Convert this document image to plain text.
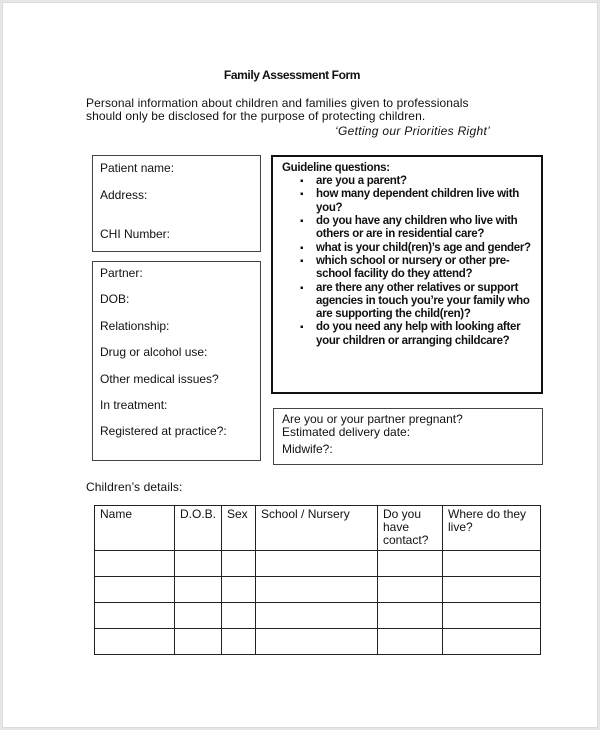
Family Assessment Form
Personal information about children and families given to professionals
should only be disclosed for the purpose of protecting children.
‘Getting our Priorities Right’
Patient name:
Address:
CHI Number:
Partner:
DOB:
Relationship:
Drug or alcohol use:
Other medical issues?
In treatment:
Registered at practice?:
Guideline questions:
▪ are you a parent?
▪ how many dependent children live with you?
▪ do you have any children who live with others or are in residential care?
▪ what is your child(ren)’s age and gender?
▪ which school or nursery or other pre-school facility do they attend?
▪ are there any other relatives or support agencies in touch you’re your family who are supporting the child(ren)?
▪ do you need any help with looking after your children or arranging childcare?
Are you or your partner pregnant?
Estimated delivery date:
Midwife?:
Children’s details:
Name	D.O.B.	Sex	School / Nursery	Do you have contact?	Where do they live?
